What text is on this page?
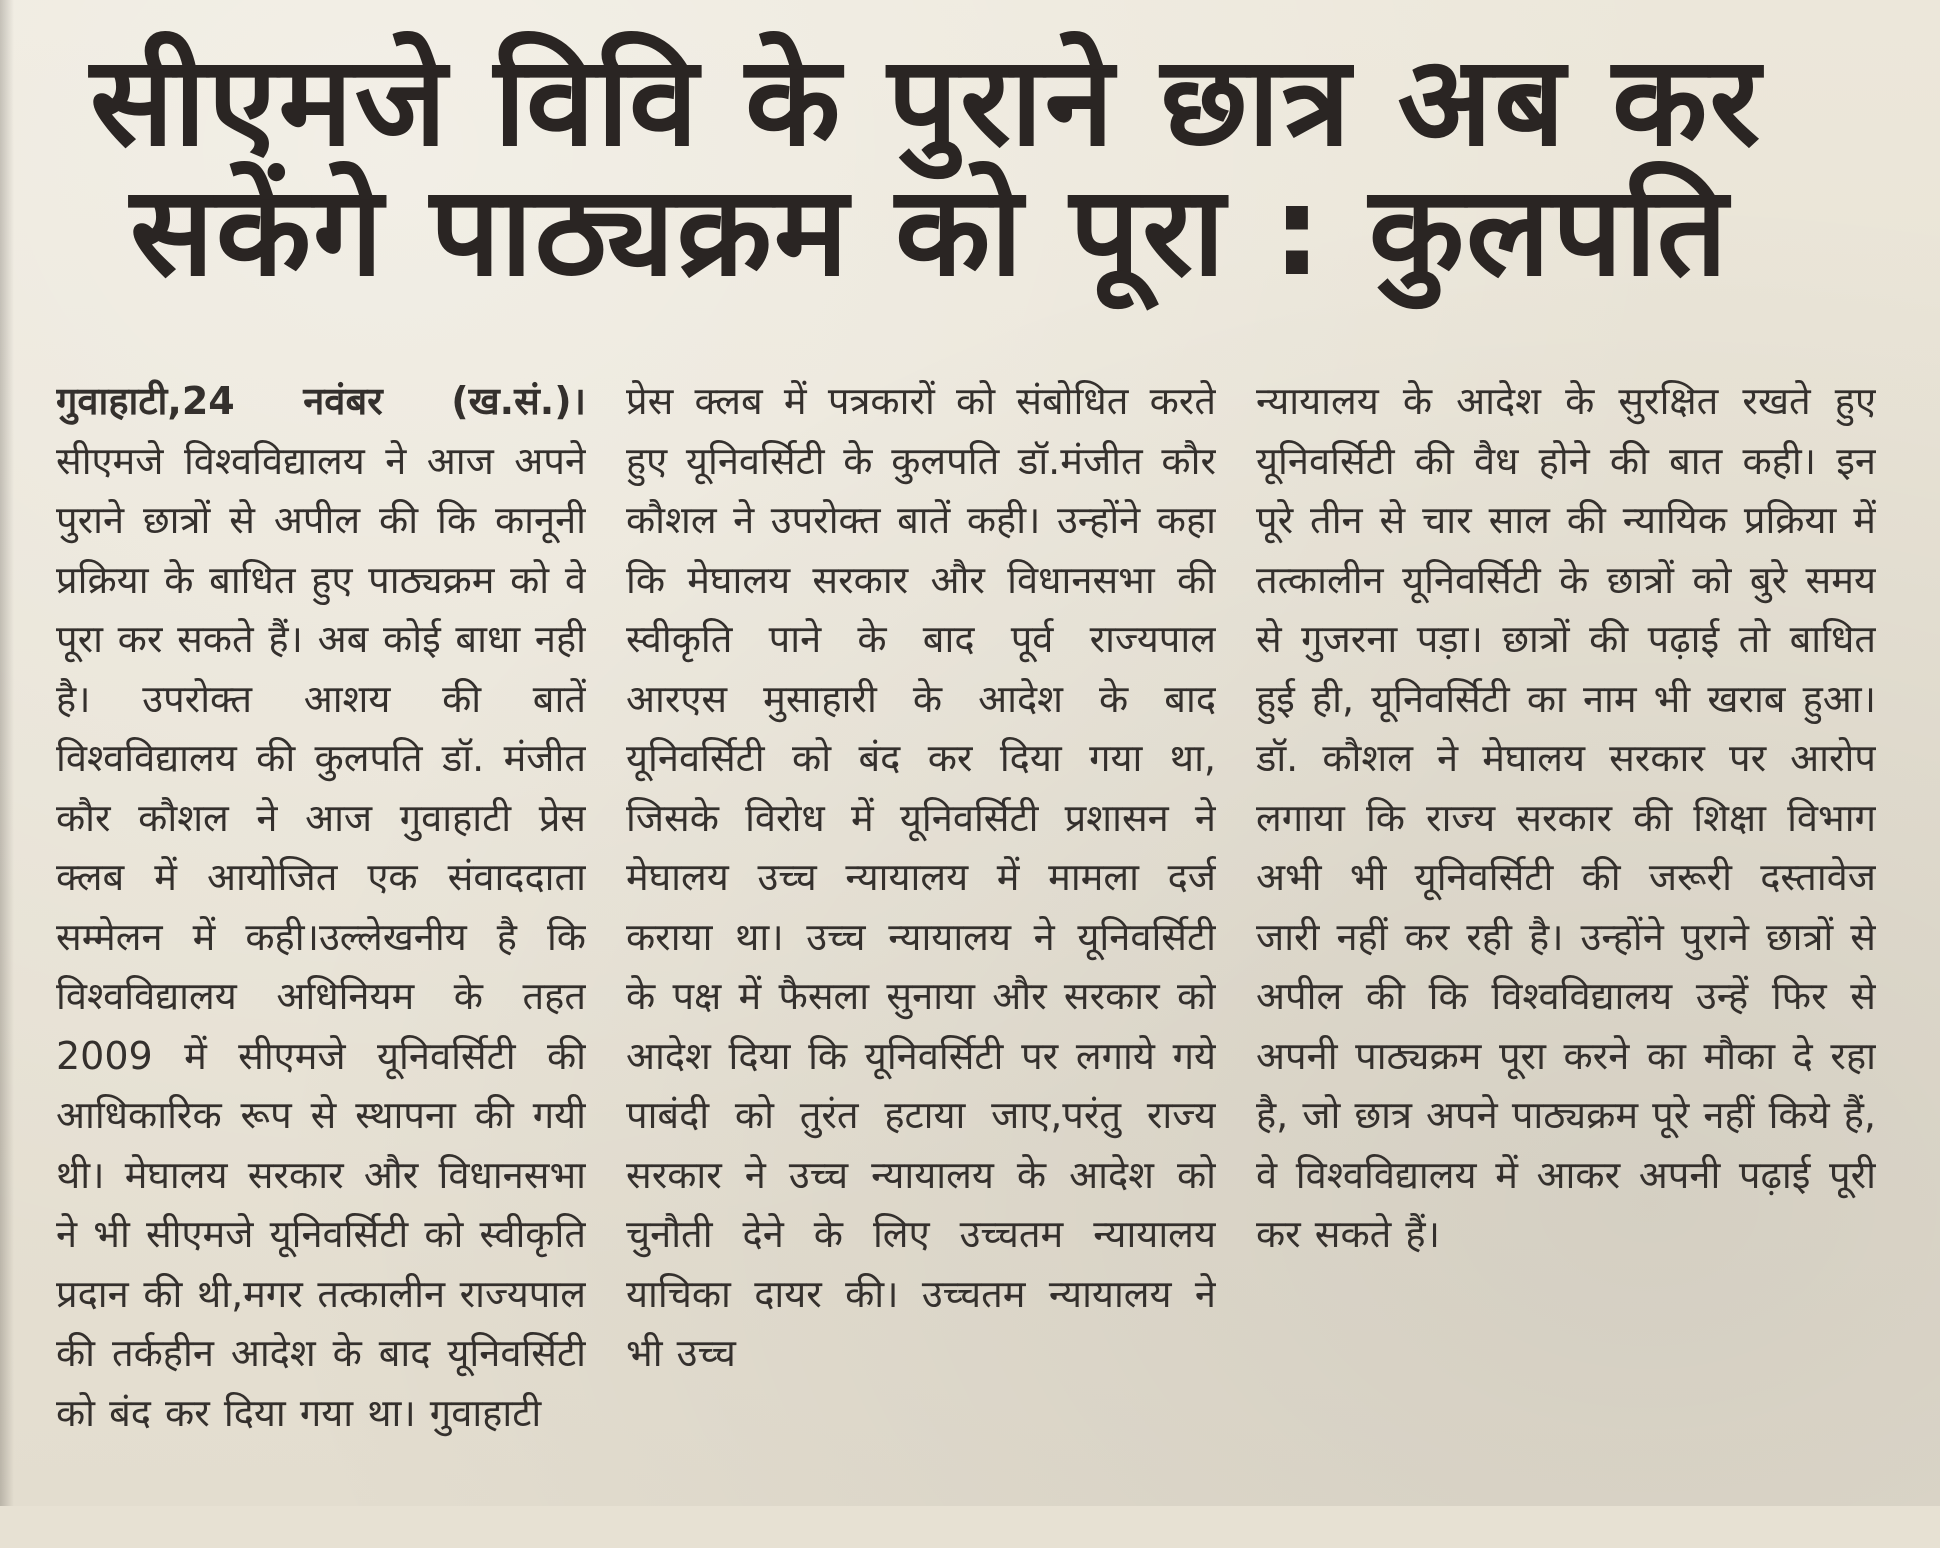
सीएमजे विवि के पुराने छात्र अब कर
सकेंगे पाठ्यक्रम को पूरा : कुलपति
गुवाहाटी,24 नवंबर (ख.सं.)। सीएमजे विश्वविद्यालय ने आज अपने पुराने छात्रों से अपील की कि कानूनी प्रक्रिया के बाधित हुए पाठ्यक्रम को वे पूरा कर सकते हैं। अब कोई बाधा नही है। उपरोक्त आशय की बातें विश्वविद्यालय की कुलपति डॉ. मंजीत कौर कौशल ने आज गुवाहाटी प्रेस क्लब में आयोजित एक संवाददाता सम्मेलन में कही।उल्लेखनीय है कि विश्वविद्यालय अधिनियम के तहत 2009 में सीएमजे यूनिवर्सिटी की आधिकारिक रूप से स्थापना की गयी थी। मेघालय सरकार और विधानसभा ने भी सीएमजे यूनिवर्सिटी को स्वीकृति प्रदान की थी,मगर तत्कालीन राज्यपाल की तर्कहीन आदेश के बाद यूनिवर्सिटी को बंद कर दिया गया था। गुवाहाटी
प्रेस क्लब में पत्रकारों को संबोधित करते हुए यूनिवर्सिटी के कुलपति डॉ.मंजीत कौर कौशल ने उपरोक्त बातें कही। उन्होंने कहा कि मेघालय सरकार और विधानसभा की स्वीकृति पाने के बाद पूर्व राज्यपाल आरएस मुसाहारी के आदेश के बाद यूनिवर्सिटी को बंद कर दिया गया था, जिसके विरोध में यूनिवर्सिटी प्रशासन ने मेघालय उच्च न्यायालय में मामला दर्ज कराया था। उच्च न्यायालय ने यूनिवर्सिटी के पक्ष में फैसला सुनाया और सरकार को आदेश दिया कि यूनिवर्सिटी पर लगाये गये पाबंदी को तुरंत हटाया जाए,परंतु राज्य सरकार ने उच्च न्यायालय के आदेश को चुनौती देने के लिए उच्चतम न्यायालय याचिका दायर की। उच्चतम न्यायालय ने भी उच्च
न्यायालय के आदेश के सुरक्षित रखते हुए यूनिवर्सिटी की वैध होने की बात कही। इन पूरे तीन से चार साल की न्यायिक प्रक्रिया में तत्कालीन यूनिवर्सिटी के छात्रों को बुरे समय से गुजरना पड़ा। छात्रों की पढ़ाई तो बाधित हुई ही, यूनिवर्सिटी का नाम भी खराब हुआ। डॉ. कौशल ने मेघालय सरकार पर आरोप लगाया कि राज्य सरकार की शिक्षा विभाग अभी भी यूनिवर्सिटी की जरूरी दस्तावेज जारी नहीं कर रही है। उन्होंने पुराने छात्रों से अपील की कि विश्वविद्यालय उन्हें फिर से अपनी पाठ्यक्रम पूरा करने का मौका दे रहा है, जो छात्र अपने पाठ्यक्रम पूरे नहीं किये हैं, वे विश्वविद्यालय में आकर अपनी पढ़ाई पूरी कर सकते हैं।
